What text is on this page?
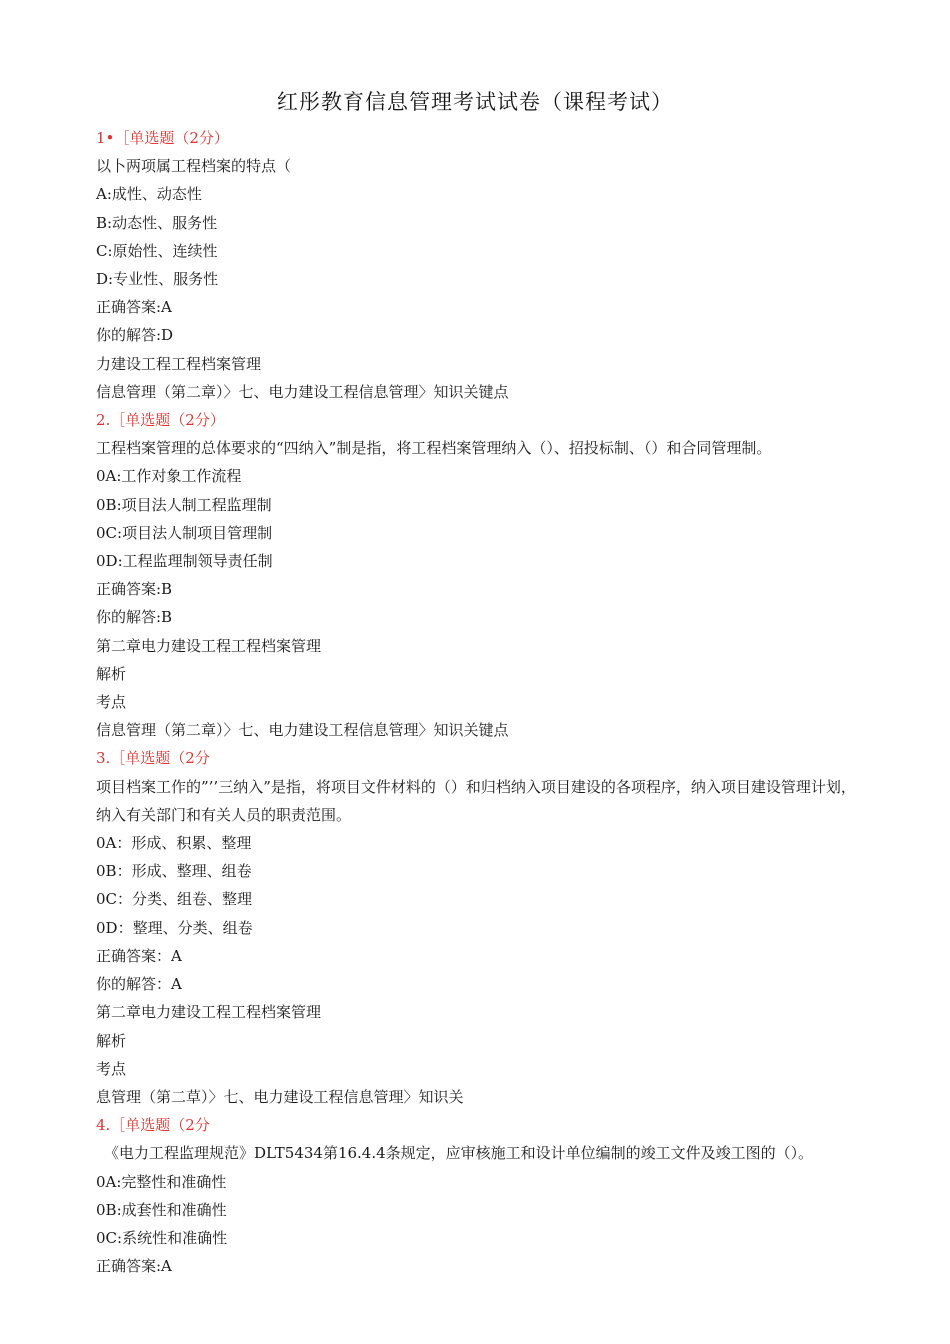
红彤教育信息管理考试试卷（课程考试）
1•［单选题（2分）
以卜两项属工程档案的特点（
A:成性、动态性
B:动态性、服务性
C:原始性、连续性
D:专业性、服务性
正确答案:A
你的解答:D
力建设工程工程档案管理
信息管理（第二章）〉七、电力建设工程信息管理〉知识关键点
2.［单选题（2分）
工程档案管理的总体要求的“四纳入”制是指，将工程档案管理纳入（）、招投标制、（）和合同管理制。
0A:工作对象工作流程
0B:项目法人制工程监理制
0C:项目法人制项目管理制
0D:工程监理制领导责任制
正确答案:B
你的解答:B
第二章电力建设工程工程档案管理
解析
考点
信息管理（第二章）〉七、电力建设工程信息管理〉知识关键点
3.［单选题（2分
项目档案工作的”’’三纳入”是指，将项目文件材料的（）和归档纳入项目建设的各项程序，纳入项目建设管理计划，纳入有关部门和有关人员的职责范围。
0A：形成、积累、整理
0B：形成、整理、组卷
0C：分类、组卷、整理
0D：整理、分类、组卷
正确答案：A
你的解答：A
第二章电力建设工程工程档案管理
解析
考点
息管理（第二草）〉七、电力建设工程信息管理〉知识关
4.［单选题（2分
《电力工程监理规范》DLT5434第16.4.4条规定，应审核施工和设计单位编制的竣工文件及竣工图的（）。
0A:完整性和准确性
0B:成套性和准确性
0C:系统性和准确性
正确答案:A
